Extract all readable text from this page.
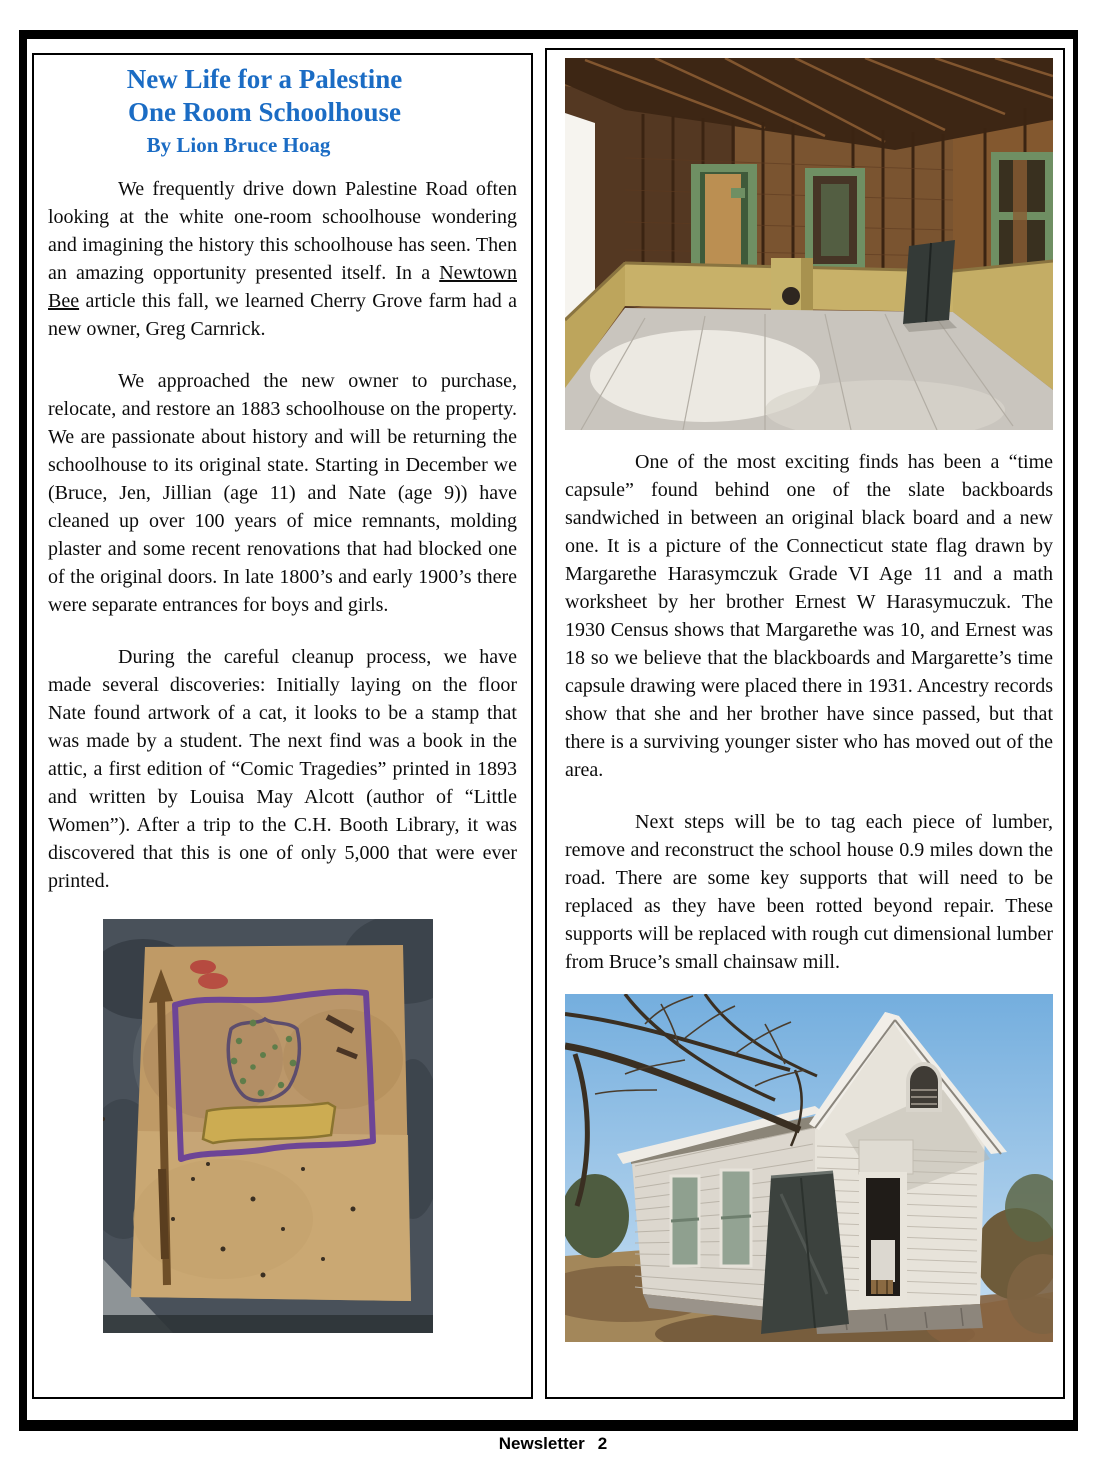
New Life for a Palestine
One Room Schoolhouse
By Lion Bruce Hoag

We frequently drive down Palestine Road often looking at the white one-room schoolhouse wondering and imagining the history this schoolhouse has seen. Then an amazing opportunity presented itself. In a Newtown Bee article this fall, we learned Cherry Grove farm had a new owner, Greg Carnrick.

We approached the new owner to purchase, relocate, and restore an 1883 schoolhouse on the property. We are passionate about history and will be returning the schoolhouse to its original state. Starting in December we (Bruce, Jen, Jillian (age 11) and Nate (age 9)) have cleaned up over 100 years of mice remnants, molding plaster and some recent renovations that had blocked one of the original doors. In late 1800’s and early 1900’s there were separate entrances for boys and girls.

During the careful cleanup process, we have made several discoveries: Initially laying on the floor Nate found artwork of a cat, it looks to be a stamp that was made by a student. The next find was a book in the attic, a first edition of “Comic Tragedies” printed in 1893 and written by Louisa May Alcott (author of “Little Women”). After a trip to the C.H. Booth Library, it was discovered that this is one of only 5,000 that were ever printed.

One of the most exciting finds has been a “time capsule” found behind one of the slate backboards sandwiched in between an original black board and a new one. It is a picture of the Connecticut state flag drawn by Margarethe Harasymczuk Grade VI Age 11 and a math worksheet by her brother Ernest W Harasymuczuk. The 1930 Census shows that Margarethe was 10, and Ernest was 18 so we believe that the blackboards and Margarette’s time capsule drawing were placed there in 1931. Ancestry records show that she and her brother have since passed, but that there is a surviving younger sister who has moved out of the area.

Next steps will be to tag each piece of lumber, remove and reconstruct the school house 0.9 miles down the road. There are some key supports that will need to be replaced as they have been rotted beyond repair. These supports will be replaced with rough cut dimensional lumber from Bruce’s small chainsaw mill.

Newsletter 2
